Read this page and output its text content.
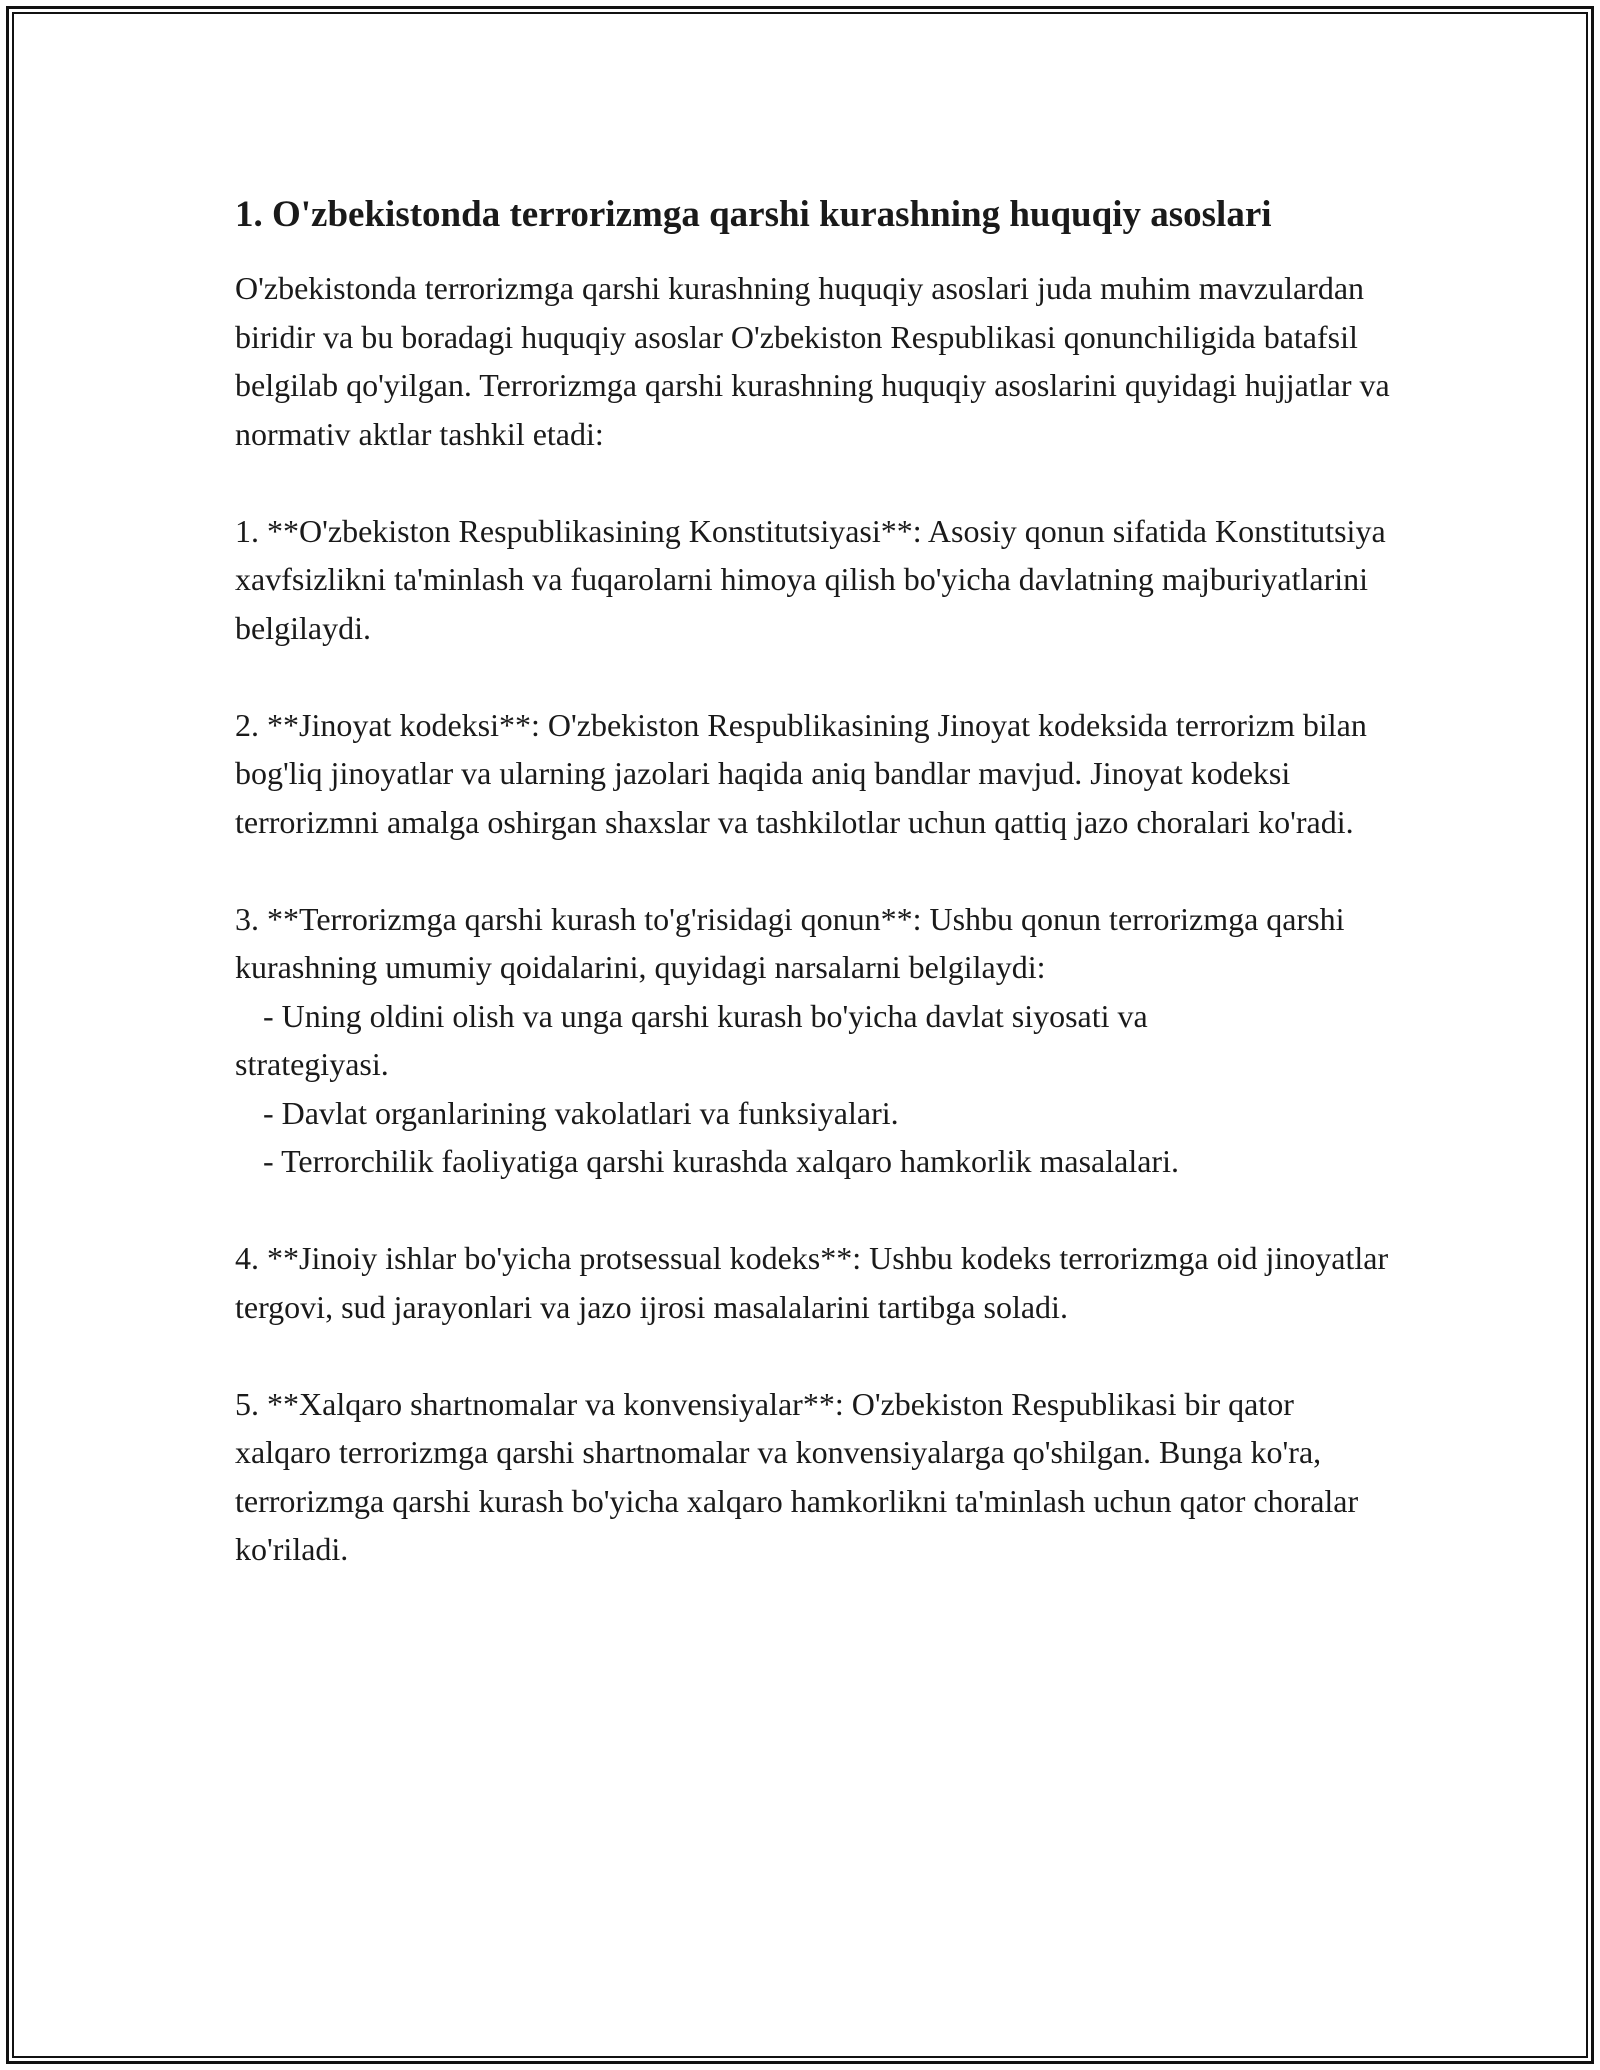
1. O'zbekistonda terrorizmga qarshi kurashning huquqiy asoslari

O'zbekistonda terrorizmga qarshi kurashning huquqiy asoslari juda muhim mavzulardan biridir va bu boradagi huquqiy asoslar O'zbekiston Respublikasi qonunchiligida batafsil belgilab qo'yilgan. Terrorizmga qarshi kurashning huquqiy asoslarini quyidagi hujjatlar va normativ aktlar tashkil etadi:

1. **O'zbekiston Respublikasining Konstitutsiyasi**: Asosiy qonun sifatida Konstitutsiya xavfsizlikni ta'minlash va fuqarolarni himoya qilish bo'yicha davlatning majburiyatlarini belgilaydi.

2. **Jinoyat kodeksi**: O'zbekiston Respublikasining Jinoyat kodeksida terrorizm bilan bog'liq jinoyatlar va ularning jazolari haqida aniq bandlar mavjud. Jinoyat kodeksi terrorizmni amalga oshirgan shaxslar va tashkilotlar uchun qattiq jazo choralari ko'radi.

3. **Terrorizmga qarshi kurash to'g'risidagi qonun**: Ushbu qonun terrorizmga qarshi kurashning umumiy qoidalarini, quyidagi narsalarni belgilaydi:

- Uning oldini olish va unga qarshi kurash bo'yicha davlat siyosati va

strategiyasi.

- Davlat organlarining vakolatlari va funksiyalari.

- Terrorchilik faoliyatiga qarshi kurashda xalqaro hamkorlik masalalari.

4. **Jinoiy ishlar bo'yicha protsessual kodeks**: Ushbu kodeks terrorizmga oid jinoyatlar tergovi, sud jarayonlari va jazo ijrosi masalalarini tartibga soladi.

5. **Xalqaro shartnomalar va konvensiyalar**: O'zbekiston Respublikasi bir qator xalqaro terrorizmga qarshi shartnomalar va konvensiyalarga qo'shilgan. Bunga ko'ra, terrorizmga qarshi kurash bo'yicha xalqaro hamkorlikni ta'minlash uchun qator choralar ko'riladi.
